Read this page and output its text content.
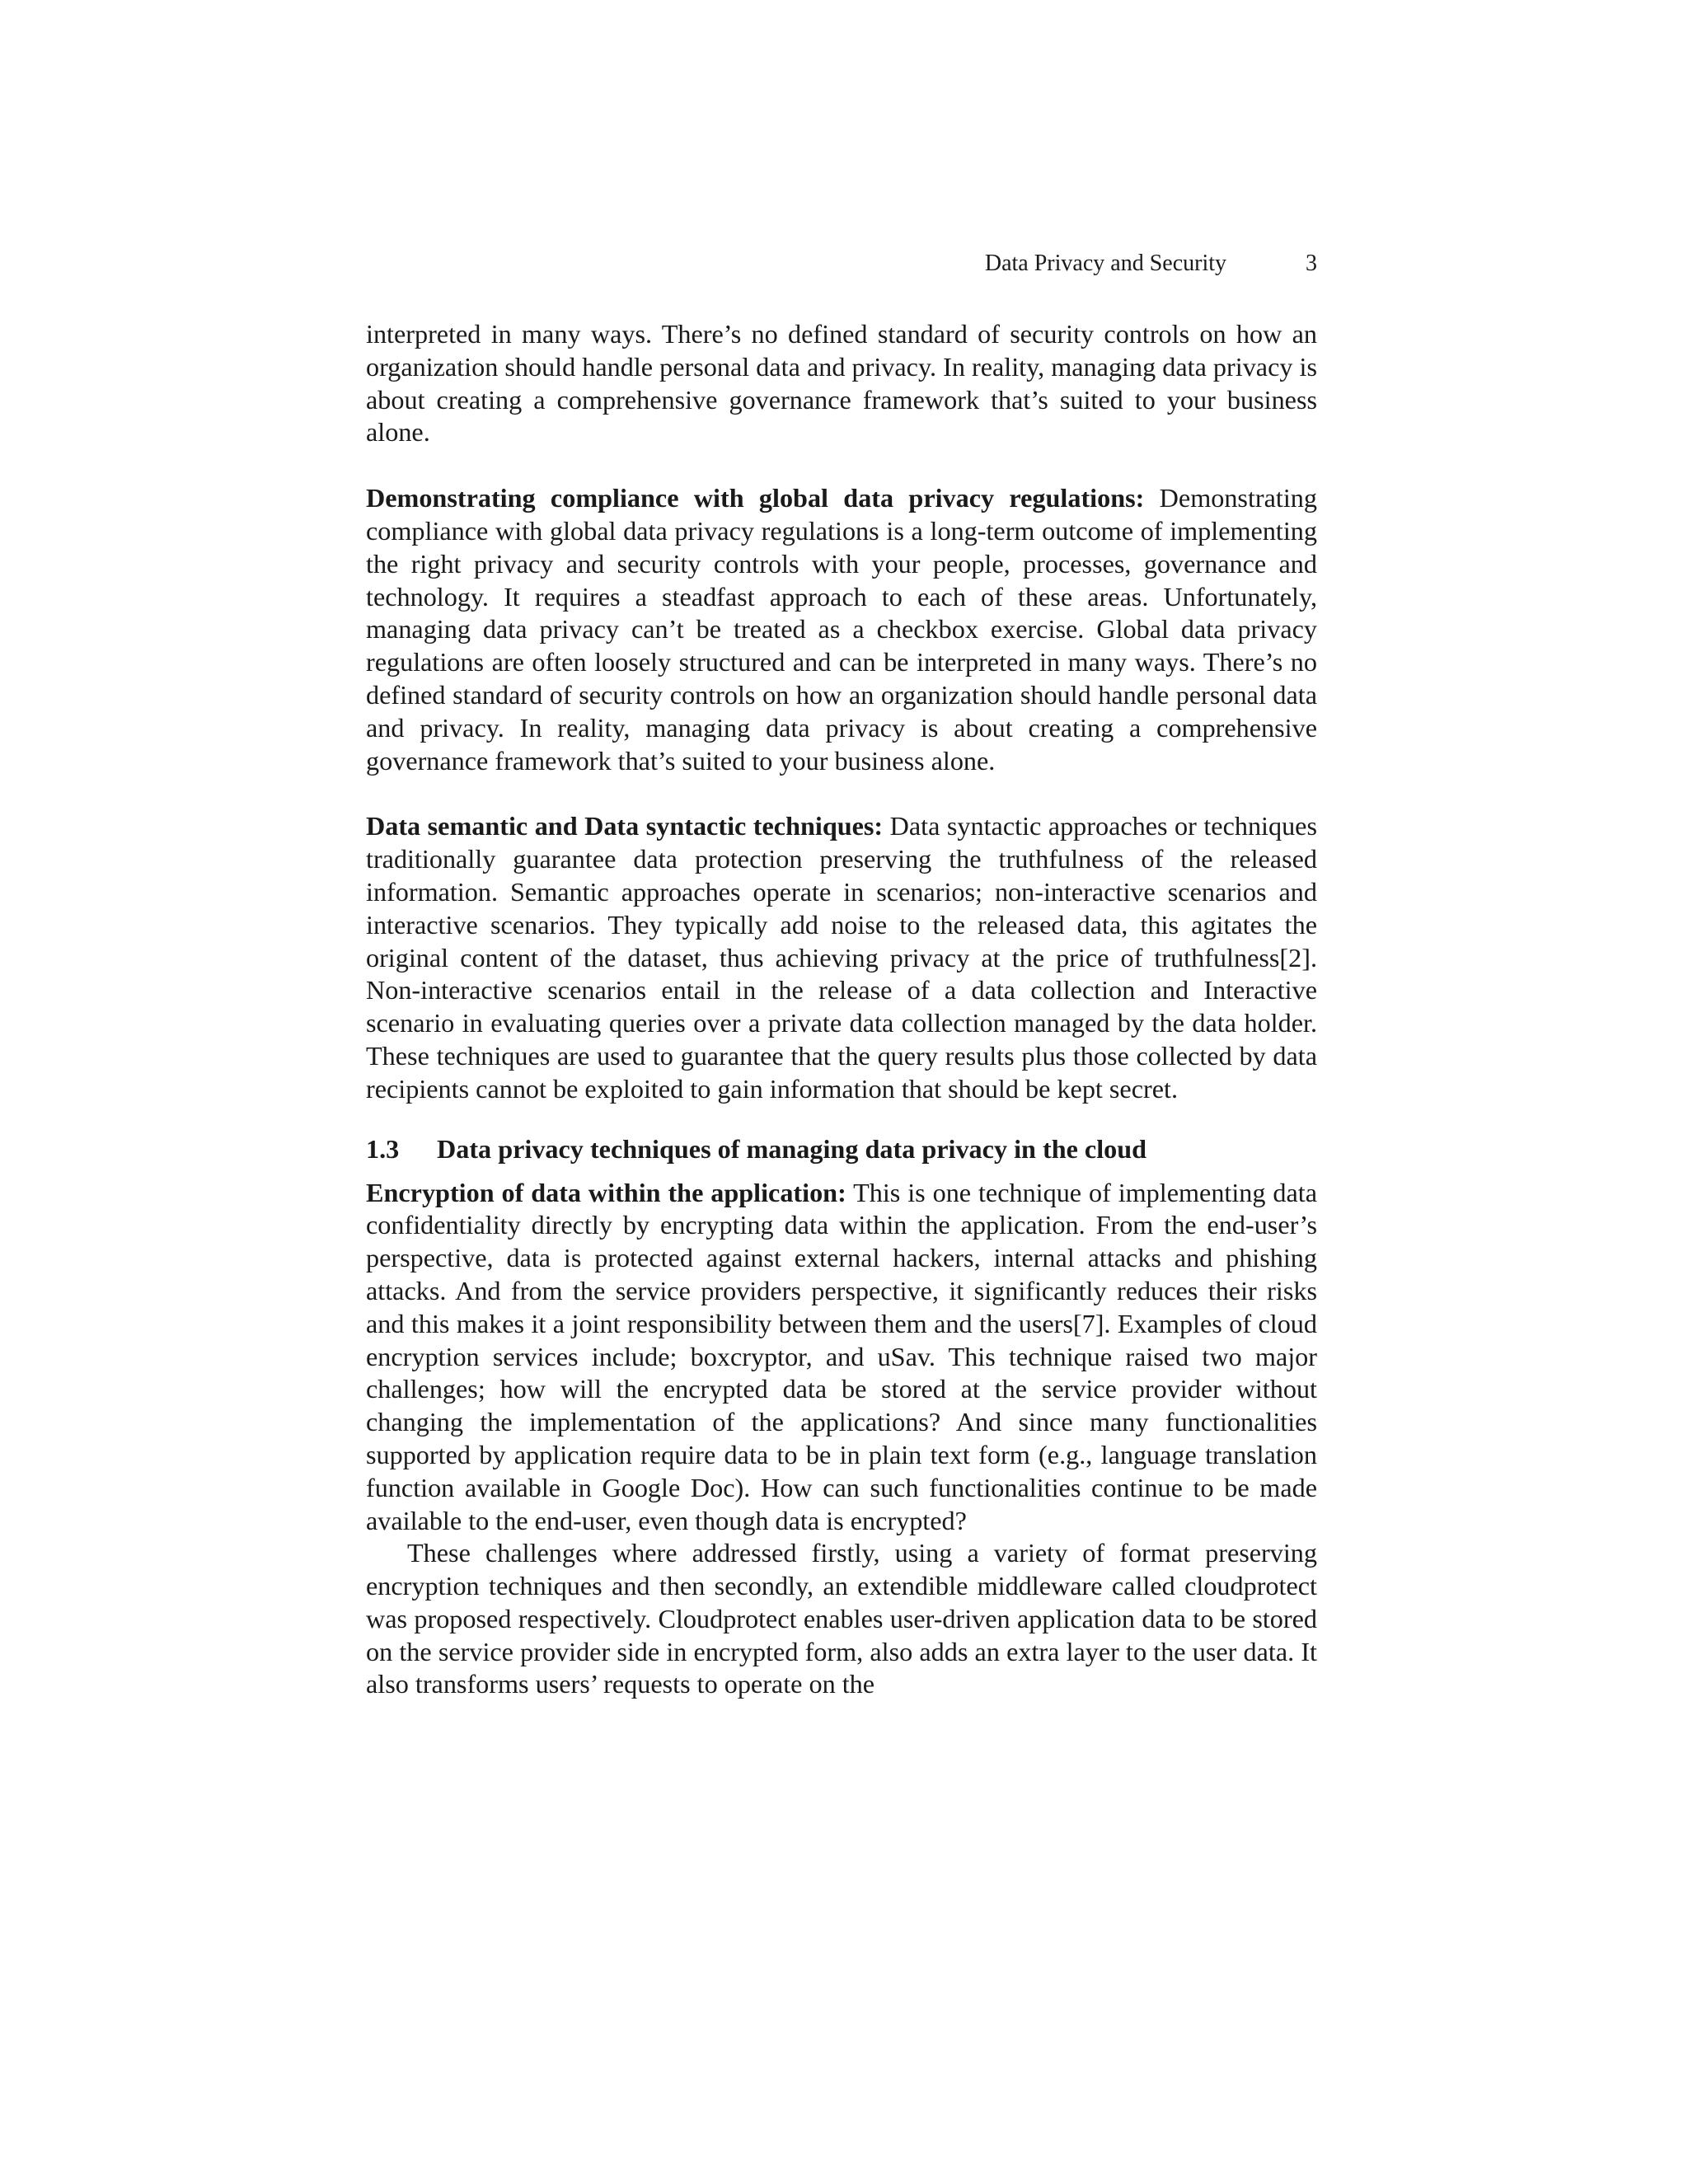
Data Privacy and Security	3

interpreted in many ways. There’s no defined standard of security controls on how an organization should handle personal data and privacy. In reality, managing data privacy is about creating a comprehensive governance framework that’s suited to your business alone.

Demonstrating compliance with global data privacy regulations: Demonstrating compliance with global data privacy regulations is a long-term outcome of implementing the right privacy and security controls with your people, processes, governance and technology. It requires a steadfast approach to each of these areas. Unfortunately, managing data privacy can’t be treated as a checkbox exercise. Global data privacy regulations are often loosely structured and can be interpreted in many ways. There’s no defined standard of security controls on how an organization should handle personal data and privacy. In reality, managing data privacy is about creating a comprehensive governance framework that’s suited to your business alone.

Data semantic and Data syntactic techniques: Data syntactic approaches or techniques traditionally guarantee data protection preserving the truthfulness of the released information. Semantic approaches operate in scenarios; non-interactive scenarios and interactive scenarios. They typically add noise to the released data, this agitates the original content of the dataset, thus achieving privacy at the price of truthfulness[2]. Non-interactive scenarios entail in the release of a data collection and Interactive scenario in evaluating queries over a private data collection managed by the data holder. These techniques are used to guarantee that the query results plus those collected by data recipients cannot be exploited to gain information that should be kept secret.

1.3 Data privacy techniques of managing data privacy in the cloud

Encryption of data within the application: This is one technique of implementing data confidentiality directly by encrypting data within the application. From the end-user’s perspective, data is protected against external hackers, internal attacks and phishing attacks. And from the service providers perspective, it significantly reduces their risks and this makes it a joint responsibility between them and the users[7]. Examples of cloud encryption services include; boxcryptor, and uSav. This technique raised two major challenges; how will the encrypted data be stored at the service provider without changing the implementation of the applications? And since many functionalities supported by application require data to be in plain text form (e.g., language translation function available in Google Doc). How can such functionalities continue to be made available to the end-user, even though data is encrypted?

These challenges where addressed firstly, using a variety of format preserving encryption techniques and then secondly, an extendible middleware called cloudprotect was proposed respectively. Cloudprotect enables user-driven application data to be stored on the service provider side in encrypted form, also adds an extra layer to the user data. It also transforms users’ requests to operate on the
